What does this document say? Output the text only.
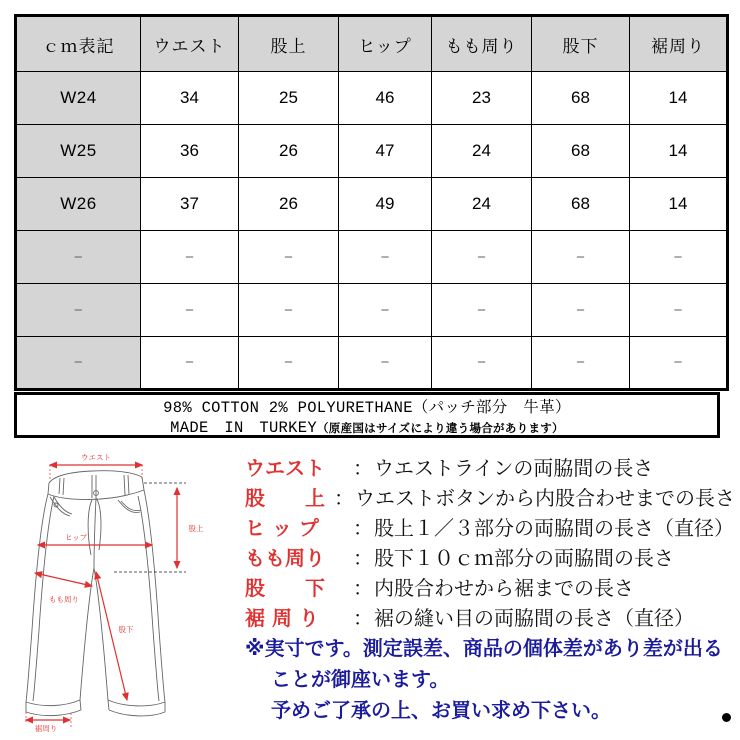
ｃｍ表記	ウエスト	股上	ヒップ	もも周り	股下	裾周り
W24	34	25	46	23	68	14
W25	36	26	47	24	68	14
W26	37	26	49	24	68	14
−	−	−	−	−	−	−
−	−	−	−	−	−	−
−	−	−	−	−	−	−
98% COTTON 2% POLYURETHANE（パッチ部分　牛革）
MADE　IN　TURKEY（原産国はサイズにより違う場合があります）
ウエスト
股上
ヒップ
もも周り
股下
裾周り
ウエスト	： ウエストラインの両脇間の長さ
股　　上 ： ウエストボタンから内股合わせまでの長さ
ヒ ッ プ	： 股上１／３部分の両脇間の長さ（直径）
もも周り	： 股下１０ｃｍ部分の両脇間の長さ
股　　下	： 内股合わせから裾までの長さ
裾 周 り	： 裾の縫い目の両脇間の長さ（直径）
※実寸です。測定誤差、商品の個体差があり差が出る
ことが御座います。
予めご了承の上、お買い求め下さい。
